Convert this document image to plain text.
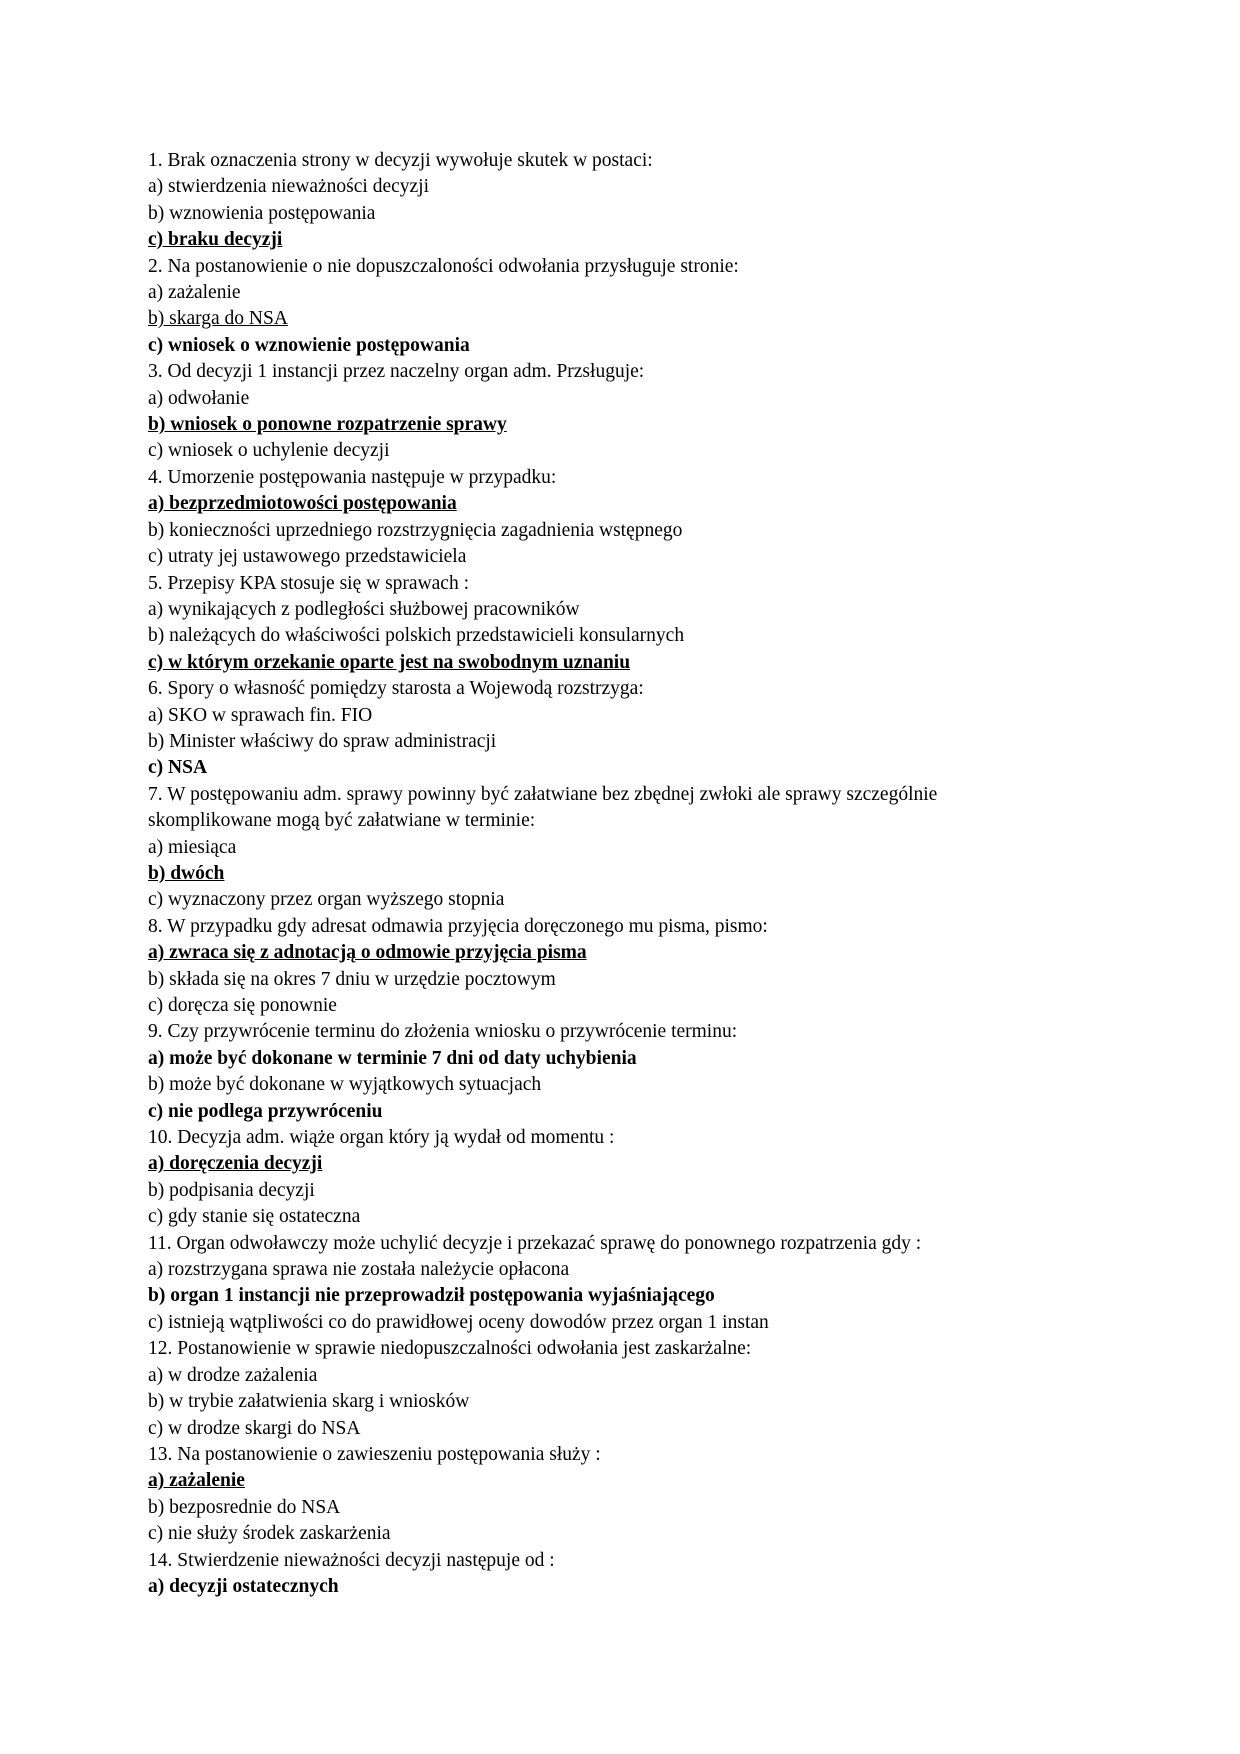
1. Brak oznaczenia strony w decyzji wywołuje skutek w postaci:
a) stwierdzenia nieważności decyzji
b) wznowienia postępowania
c) braku decyzji
2. Na postanowienie o nie dopuszczaloności odwołania przysługuje stronie:
a) zażalenie
b) skarga do NSA
c) wniosek o wznowienie postępowania
3. Od decyzji 1 instancji przez naczelny organ adm. Przsługuje:
a) odwołanie
b) wniosek o ponowne rozpatrzenie sprawy
c) wniosek o uchylenie decyzji
4. Umorzenie postępowania następuje w przypadku:
a) bezprzedmiotowości postępowania
b) konieczności uprzedniego rozstrzygnięcia zagadnienia wstępnego
c) utraty jej ustawowego przedstawiciela
5. Przepisy KPA stosuje się w sprawach :
a) wynikających z podległości służbowej pracowników
b) należących do właściwości polskich przedstawicieli konsularnych
c) w którym orzekanie oparte jest na swobodnym uznaniu
6. Spory o własność pomiędzy starosta a Wojewodą rozstrzyga:
a) SKO w sprawach fin. FIO
b) Minister właściwy do spraw administracji
c) NSA
7. W postępowaniu adm. sprawy powinny być załatwiane bez zbędnej zwłoki ale sprawy szczególnie
skomplikowane mogą być załatwiane w terminie:
a) miesiąca
b) dwóch
c) wyznaczony przez organ wyższego stopnia
8. W przypadku gdy adresat odmawia przyjęcia doręczonego mu pisma, pismo:
a) zwraca się z adnotacją o odmowie przyjęcia pisma
b) składa się na okres 7 dniu w urzędzie pocztowym
c) doręcza się ponownie
9. Czy przywrócenie terminu do złożenia wniosku o przywrócenie terminu:
a) może być dokonane w terminie 7 dni od daty uchybienia
b) może być dokonane w wyjątkowych sytuacjach
c) nie podlega przywróceniu
10. Decyzja adm. wiąże organ który ją wydał od momentu :
a) doręczenia decyzji
b) podpisania decyzji
c) gdy stanie się ostateczna
11. Organ odwoławczy może uchylić decyzje i przekazać sprawę do ponownego rozpatrzenia gdy :
a) rozstrzygana sprawa nie została należycie opłacona
b) organ 1 instancji nie przeprowadził postępowania wyjaśniającego
c) istnieją wątpliwości co do prawidłowej oceny dowodów przez organ 1 instan
12. Postanowienie w sprawie niedopuszczalności odwołania jest zaskarżalne:
a) w drodze zażalenia
b) w trybie załatwienia skarg i wniosków
c) w drodze skargi do NSA
13. Na postanowienie o zawieszeniu postępowania służy :
a) zażalenie
b) bezposrednie do NSA
c) nie służy środek zaskarżenia
14. Stwierdzenie nieważności decyzji następuje od :
a) decyzji ostatecznych
